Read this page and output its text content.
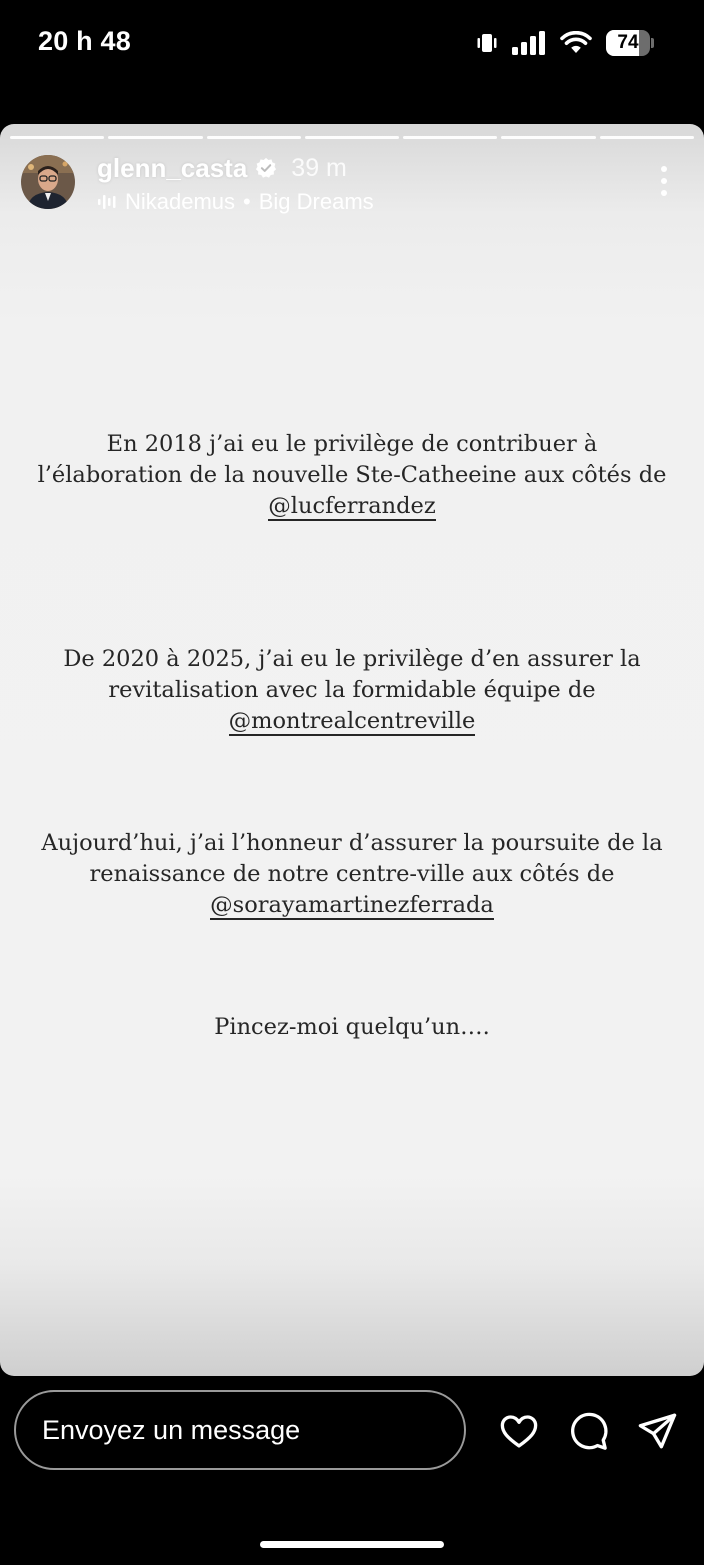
20 h 48	74
glenn_casta 39 m
Nikademus • Big Dreams
En 2018 j’ai eu le privilège de contribuer à
l’élaboration de la nouvelle Ste-Catheeine aux côtés de
@lucferrandez
De 2020 à 2025, j’ai eu le privilège d’en assurer la
revitalisation avec la formidable équipe de
@montrealcentreville
Aujourd’hui, j’ai l’honneur d’assurer la poursuite de la
renaissance de notre centre-ville aux côtés de
@sorayamartinezferrada
Pincez-moi quelqu’un….
Envoyez un message
